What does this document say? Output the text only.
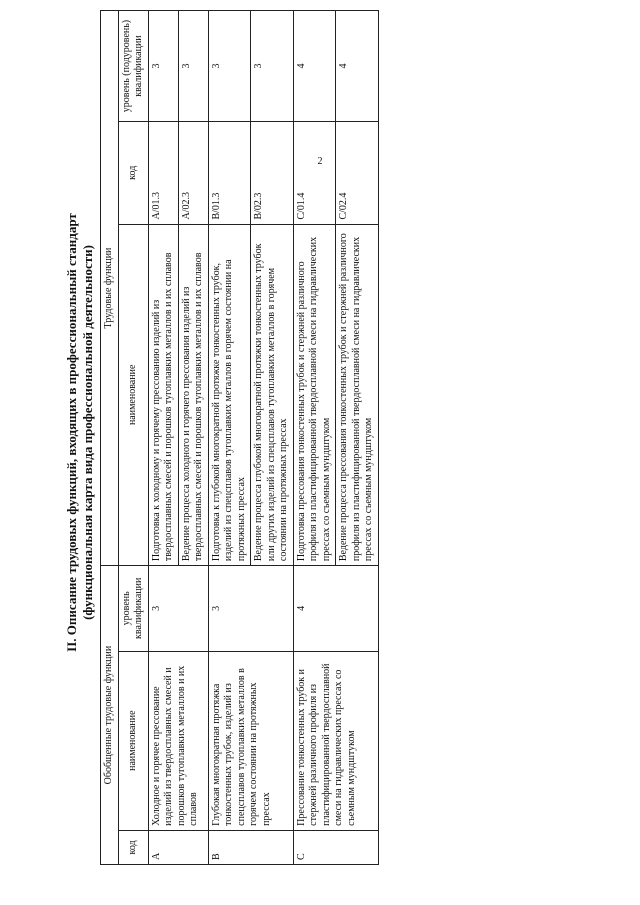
2
II. Описание трудовых функций, входящих в профессиональный стандарт (функциональная карта вида профессиональной деятельности)
Обобщенные трудовые функции			Трудовые функции		
код	наименование	уровень квалификации	наименование	код	уровень (подуровень) квалификации
A	Холодное и горячее прессование изделий из твердосплавных смесей и порошков тугоплавких металлов и их сплавов	3	Подготовка к холодному и горячему прессованию изделий из твердосплавных смесей и порошков тугоплавких металлов и их сплавов	A/01.3	3
			Ведение процесса холодного и горячего прессования изделий из твердосплавных смесей и порошков тугоплавких металлов и их сплавов	A/02.3	3
B	Глубокая многократная протяжка тонкостенных трубок, изделий из спецсплавов тугоплавких металлов в горячем состоянии на протяжных прессах	3	Подготовка к глубокой многократной протяжке тонкостенных трубок, изделий из спецсплавов тугоплавких металлов в горячем состоянии на протяжных прессах	B/01.3	3
			Ведение процесса глубокой многократной протяжки тонкостенных трубок или других изделий из спецсплавов тугоплавких металлов в горячем состоянии на протяжных прессах	B/02.3	3
C	Прессование тонкостенных трубок и стержней различного профиля из пластифицированной твердосплавной смеси на гидравлических прессах со съемным мундштуком	4	Подготовка прессования тонкостенных трубок и стержней различного профиля из пластифицированной твердосплавной смеси на гидравлических прессах со съемным мундштуком	C/01.4	4
			Ведение процесса прессования тонкостенных трубок и стержней различного профиля из пластифицированной твердосплавной смеси на гидравлических прессах со съемным мундштуком	C/02.4	4
